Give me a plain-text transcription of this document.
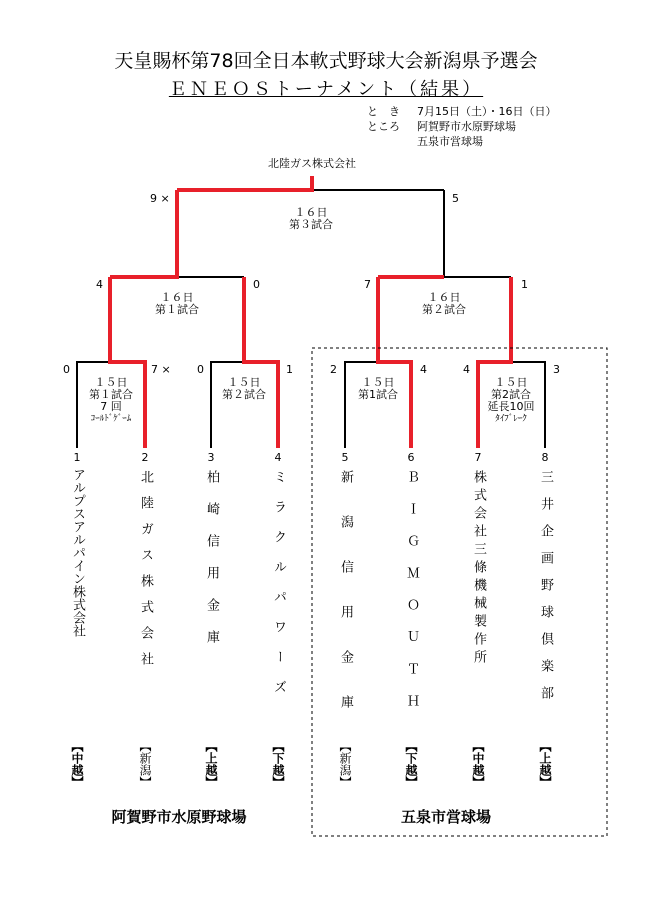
天皇賜杯第78回全日本軟式野球大会新潟県予選会
ＥＮＥＯＳトーナメント（結果）
と　き 7月15日（土）・16日（日）
ところ 阿賀野市水原野球場
五泉市営球場
北陸ガス株式会社
9 ×	5
１６日
第３試合
4	0
１６日
第１試合
7	1
１６日
第２試合
0	7 ×
１５日
第１試合
7 回
ｺｰﾙﾄﾞｹﾞｰﾑ
0	1
１５日
第２試合
2	4
１５日
第1試合
4	3
１５日
第2試合
延長10回
ﾀｲﾌﾞﾚｰｸ
1
アルプスアルパイン株式会社
【中越】
2
北陸ガス株式会社
【新潟】
3
柏崎信用金庫
【上越】
4
ミラクルパワーズ
【下越】
5
新潟信用金庫
【新潟】
6
ＢＩＧＭＯＵＴＨ
【下越】
7
株式会社三條機械製作所
【中越】
8
三井企画野球倶楽部
【上越】
阿賀野市水原野球場	五泉市営球場
